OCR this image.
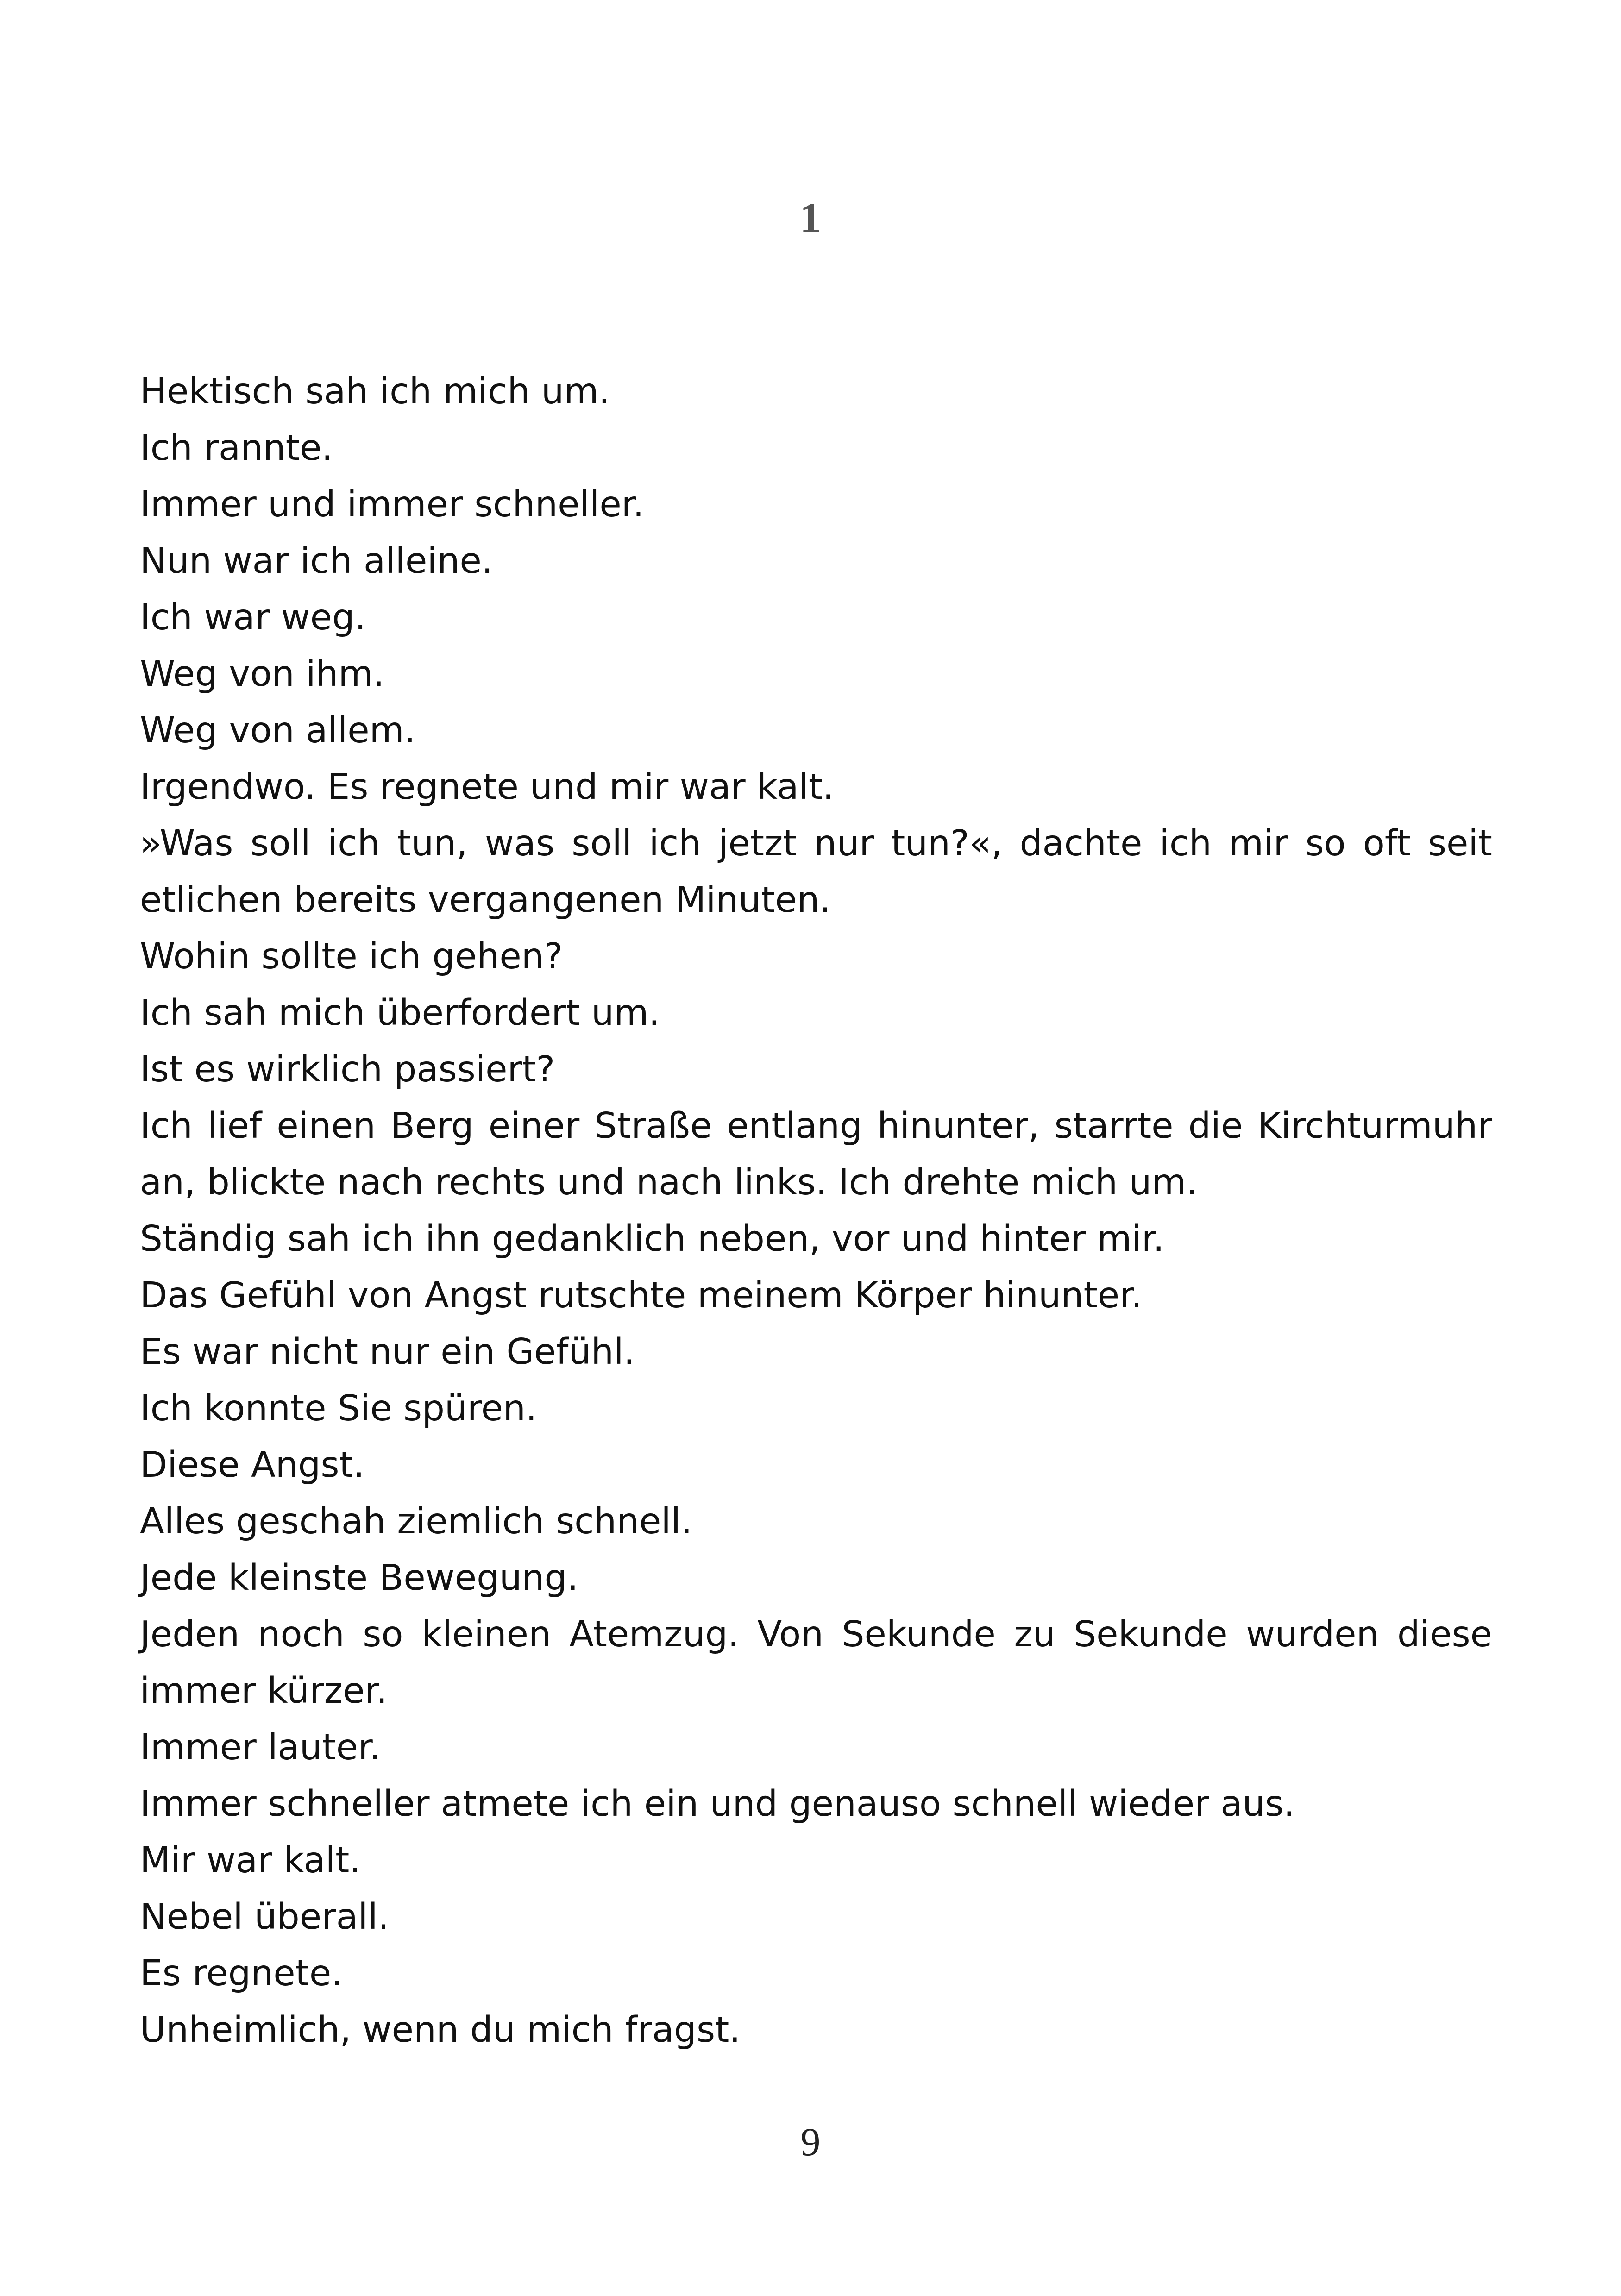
1

Hektisch sah ich mich um.

Ich rannte.

Immer und immer schneller.

Nun war ich alleine.

Ich war weg.

Weg von ihm.

Weg von allem.

Irgendwo. Es regnete und mir war kalt.

»Was soll ich tun, was soll ich jetzt nur tun?«, dachte ich mir so oft seit etlichen bereits vergangenen Minuten.

Wohin sollte ich gehen?

Ich sah mich überfordert um.

Ist es wirklich passiert?

Ich lief einen Berg einer Straße entlang hinunter, starrte die Kirchturmuhr an, blickte nach rechts und nach links. Ich drehte mich um.

Ständig sah ich ihn gedanklich neben, vor und hinter mir.

Das Gefühl von Angst rutschte meinem Körper hinunter.

Es war nicht nur ein Gefühl.

Ich konnte Sie spüren.

Diese Angst.

Alles geschah ziemlich schnell.

Jede kleinste Bewegung.

Jeden noch so kleinen Atemzug. Von Sekunde zu Sekunde wurden diese immer kürzer.

Immer lauter.

Immer schneller atmete ich ein und genauso schnell wieder aus.

Mir war kalt.

Nebel überall.

Es regnete.

Unheimlich, wenn du mich fragst.

9
